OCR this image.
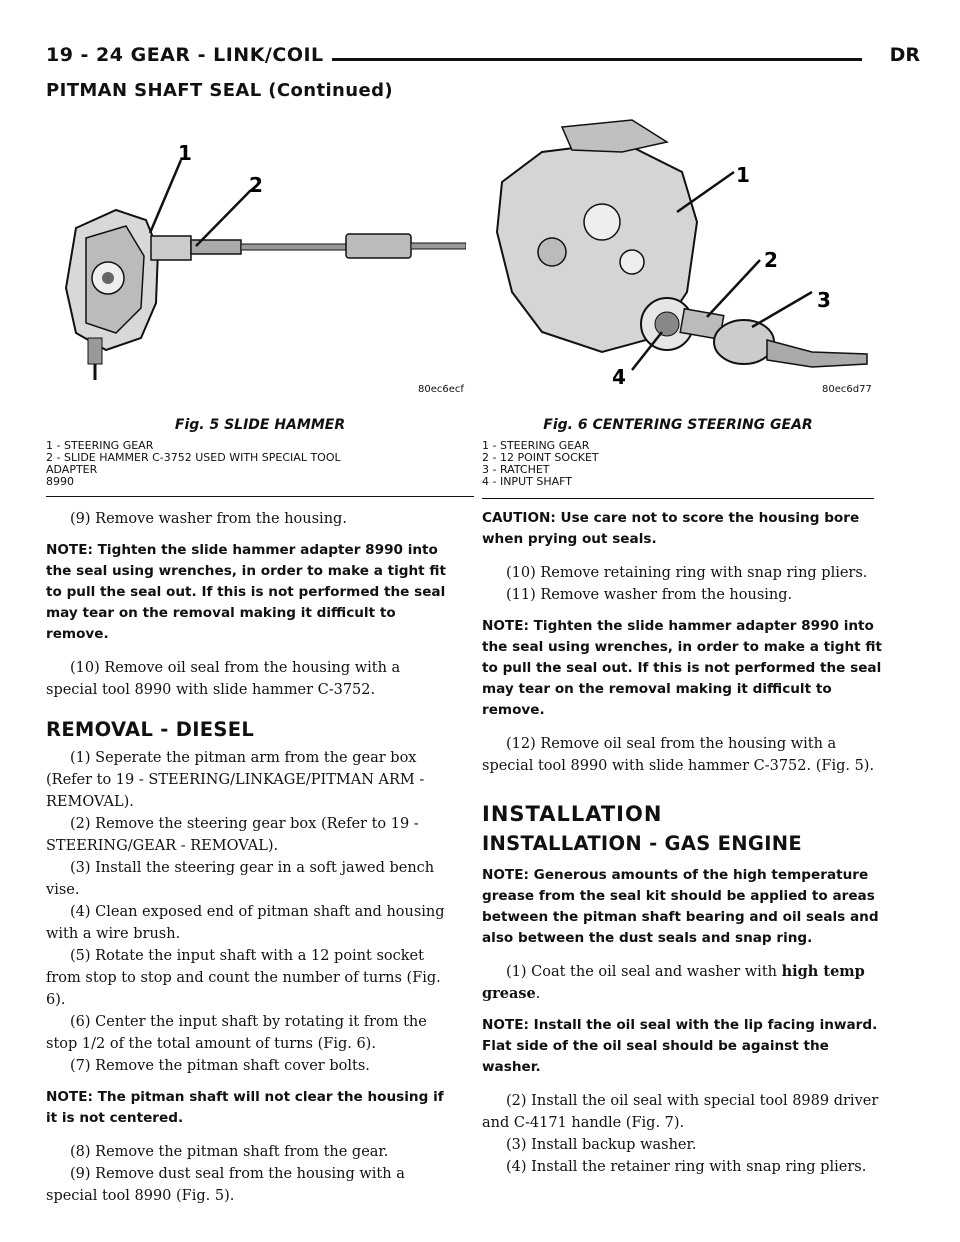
19 - 24 GEAR - LINK/COIL	DR
PITMAN SHAFT SEAL (Continued)
1
2
80ec6ecf
Fig. 5 SLIDE HAMMER
1 - STEERING GEAR
2 - SLIDE HAMMER C-3752 USED WITH SPECIAL TOOL
ADAPTER
8990
1
2
3
4
80ec6d77
Fig. 6 CENTERING STEERING GEAR
1 - STEERING GEAR
2 - 12 POINT SOCKET
3 - RATCHET
4 - INPUT SHAFT

(9) Remove washer from the housing.

NOTE: Tighten the slide hammer adapter 8990 into the seal using wrenches, in order to make a tight fit to pull the seal out. If this is not performed the seal may tear on the removal making it difficult to remove.

(10) Remove oil seal from the housing with a special tool 8990 with slide hammer C-3752.

REMOVAL - DIESEL

(1) Seperate the pitman arm from the gear box (Refer to 19 - STEERING/LINKAGE/PITMAN ARM - REMOVAL).

(2) Remove the steering gear box (Refer to 19 - STEERING/GEAR - REMOVAL).

(3) Install the steering gear in a soft jawed bench vise.

(4) Clean exposed end of pitman shaft and housing with a wire brush.

(5) Rotate the input shaft with a 12 point socket from stop to stop and count the number of turns (Fig. 6).

(6) Center the input shaft by rotating it from the stop 1/2 of the total amount of turns (Fig. 6).

(7) Remove the pitman shaft cover bolts.

NOTE: The pitman shaft will not clear the housing if it is not centered.

(8) Remove the pitman shaft from the gear.

(9) Remove dust seal from the housing with a special tool 8990 (Fig. 5).

CAUTION: Use care not to score the housing bore when prying out seals.

(10) Remove retaining ring with snap ring pliers.

(11) Remove washer from the housing.

NOTE: Tighten the slide hammer adapter 8990 into the seal using wrenches, in order to make a tight fit to pull the seal out. If this is not performed the seal may tear on the removal making it difficult to remove.

(12) Remove oil seal from the housing with a special tool 8990 with slide hammer C-3752. (Fig. 5).

INSTALLATION

INSTALLATION - GAS ENGINE

NOTE: Generous amounts of the high temperature grease from the seal kit should be applied to areas between the pitman shaft bearing and oil seals and also between the dust seals and snap ring.

(1) Coat the oil seal and washer with high temp grease.

NOTE: Install the oil seal with the lip facing inward. Flat side of the oil seal should be against the washer.

(2) Install the oil seal with special tool 8989 driver and C-4171 handle (Fig. 7).

(3) Install backup washer.

(4) Install the retainer ring with snap ring pliers.
